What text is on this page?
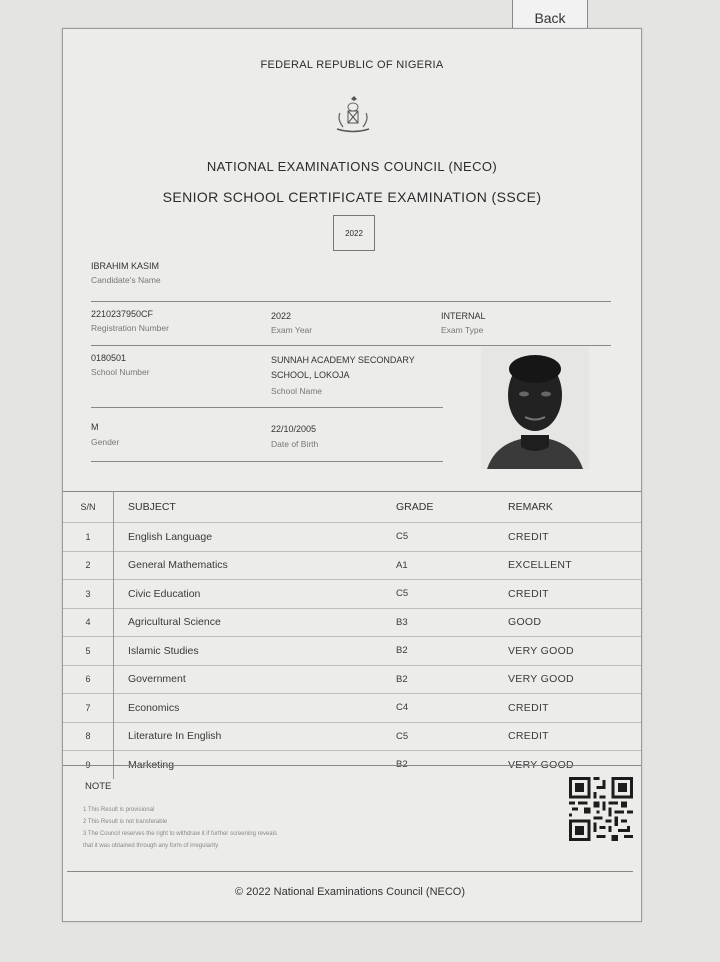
Back
FEDERAL REPUBLIC OF NIGERIA
NATIONAL EXAMINATIONS COUNCIL (NECO)
SENIOR SCHOOL CERTIFICATE EXAMINATION (SSCE)
2022
IBRAHIM KASIM
Candidate's Name
2210237950CF
Registration Number
2022
Exam Year
INTERNAL
Exam Type
0180501
School Number
SUNNAH ACADEMY SECONDARY
SCHOOL, LOKOJA
School Name
M
Gender
22/10/2005
Date of Birth
S/N	SUBJECT	GRADE	REMARK
1	English Language	C5	CREDIT
2	General Mathematics	A1	EXCELLENT
3	Civic Education	C5	CREDIT
4	Agricultural Science	B3	GOOD
5	Islamic Studies	B2	VERY GOOD
6	Government	B2	VERY GOOD
7	Economics	C4	CREDIT
8	Literature In English	C5	CREDIT
9	Marketing	B2	VERY GOOD
NOTE
1 This Result is provisional
2 This Result is not transferable
3 The Council reserves the right to withdraw it if further screening reveals
that it was obtained through any form of irregularity
© 2022 National Examinations Council (NECO)
